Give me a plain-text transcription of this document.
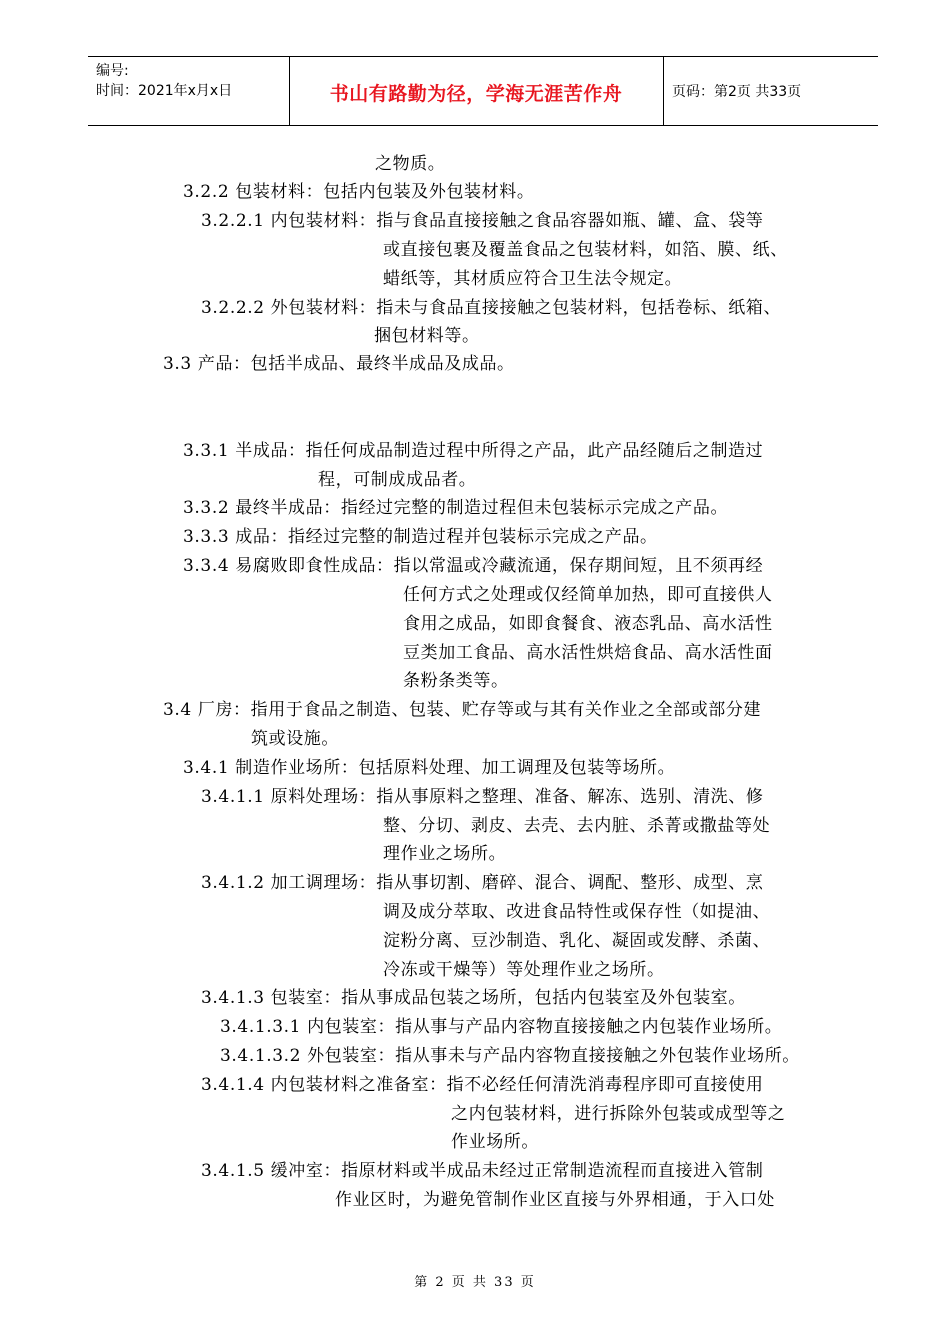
编号:
时间：2021年x月x日	书山有路勤为径，学海无涯苦作舟	页码：第2页 共33页
之物质。
3.2.2 包装材料：包括内包装及外包装材料。
3.2.2.1 内包装材料：指与食品直接接触之食品容器如瓶、罐、盒、袋等
或直接包裹及覆盖食品之包装材料，如箔、膜、纸、
蜡纸等，其材质应符合卫生法令规定。
3.2.2.2 外包装材料：指未与食品直接接触之包装材料，包括卷标、纸箱、
捆包材料等。
3.3 产品：包括半成品、最终半成品及成品。
3.3.1 半成品：指任何成品制造过程中所得之产品，此产品经随后之制造过
程，可制成成品者。
3.3.2 最终半成品：指经过完整的制造过程但未包装标示完成之产品。
3.3.3 成品：指经过完整的制造过程并包装标示完成之产品。
3.3.4 易腐败即食性成品：指以常温或冷藏流通，保存期间短，且不须再经
任何方式之处理或仅经简单加热，即可直接供人
食用之成品，如即食餐食、液态乳品、高水活性
豆类加工食品、高水活性烘焙食品、高水活性面
条粉条类等。
3.4 厂房：指用于食品之制造、包装、贮存等或与其有关作业之全部或部分建
筑或设施。
3.4.1 制造作业场所：包括原料处理、加工调理及包装等场所。
3.4.1.1 原料处理场：指从事原料之整理、准备、解冻、选别、清洗、修
整、分切、剥皮、去壳、去内脏、杀菁或撒盐等处
理作业之场所。
3.4.1.2 加工调理场：指从事切割、磨碎、混合、调配、整形、成型、烹
调及成分萃取、改进食品特性或保存性（如提油、
淀粉分离、豆沙制造、乳化、凝固或发酵、杀菌、
冷冻或干燥等）等处理作业之场所。
3.4.1.3 包装室：指从事成品包装之场所，包括内包装室及外包装室。
3.4.1.3.1 内包装室：指从事与产品内容物直接接触之内包装作业场所。
3.4.1.3.2 外包装室：指从事未与产品内容物直接接触之外包装作业场所。
3.4.1.4 内包装材料之准备室：指不必经任何清洗消毒程序即可直接使用
之内包装材料，进行拆除外包装或成型等之
作业场所。
3.4.1.5 缓冲室：指原材料或半成品未经过正常制造流程而直接进入管制
作业区时，为避免管制作业区直接与外界相通，于入口处
第 2 页 共 33 页
